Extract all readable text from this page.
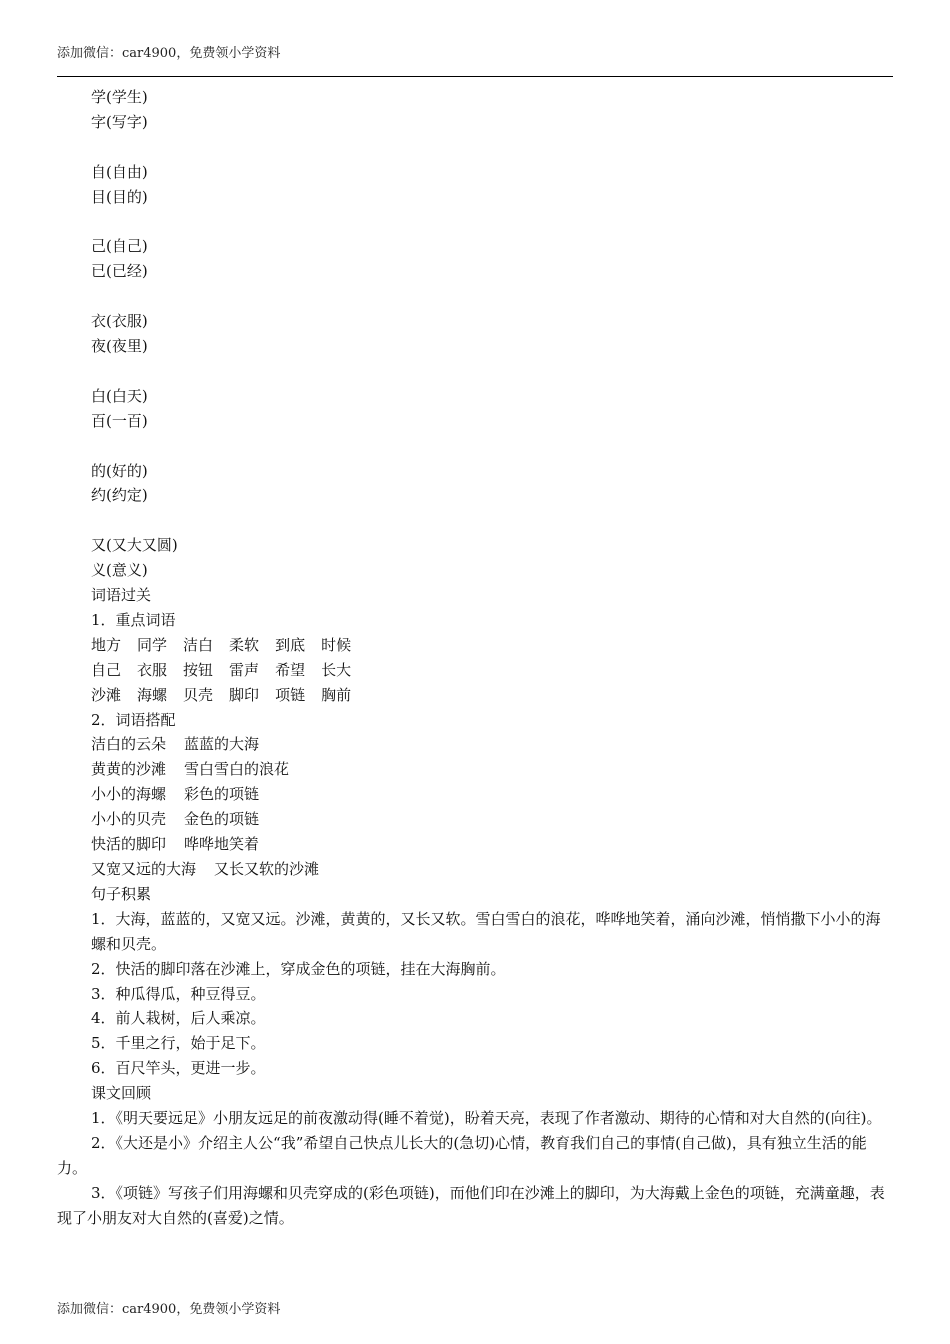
添加微信：car4900，免费领小学资料
学(学生)
字(写字)
自(自由)
目(目的)
己(自己)
已(已经)
衣(衣服)
夜(夜里)
白(白天)
百(一百)
的(好的)
约(约定)
又(又大又圆)
义(意义)
词语过关
1．重点词语
地方 同学 洁白 柔软 到底 时候
自己 衣服 按钮 雷声 希望 长大
沙滩 海螺 贝壳 脚印 项链 胸前
2．词语搭配
洁白的云朵 蓝蓝的大海
黄黄的沙滩 雪白雪白的浪花
小小的海螺 彩色的项链
小小的贝壳 金色的项链
快活的脚印 哗哗地笑着
又宽又远的大海 又长又软的沙滩
句子积累
1．大海，蓝蓝的，又宽又远。沙滩，黄黄的，又长又软。雪白雪白的浪花，哗哗地笑着，涌向沙滩，悄悄撒下小小的海螺和贝壳。
2．快活的脚印落在沙滩上，穿成金色的项链，挂在大海胸前。
3．种瓜得瓜，种豆得豆。
4．前人栽树，后人乘凉。
5．千里之行，始于足下。
6．百尺竿头，更进一步。
课文回顾
1．《明天要远足》小朋友远足的前夜激动得(睡不着觉)，盼着天亮，表现了作者激动、期待的心情和对大自然的(向往)。
2．《大还是小》介绍主人公“我”希望自己快点儿长大的(急切)心情，教育我们自己的事情(自己做)，具有独立生活的能力。
3．《项链》写孩子们用海螺和贝壳穿成的(彩色项链)，而他们印在沙滩上的脚印，为大海戴上金色的项链，充满童趣，表现了小朋友对大自然的(喜爱)之情。
添加微信：car4900，免费领小学资料
